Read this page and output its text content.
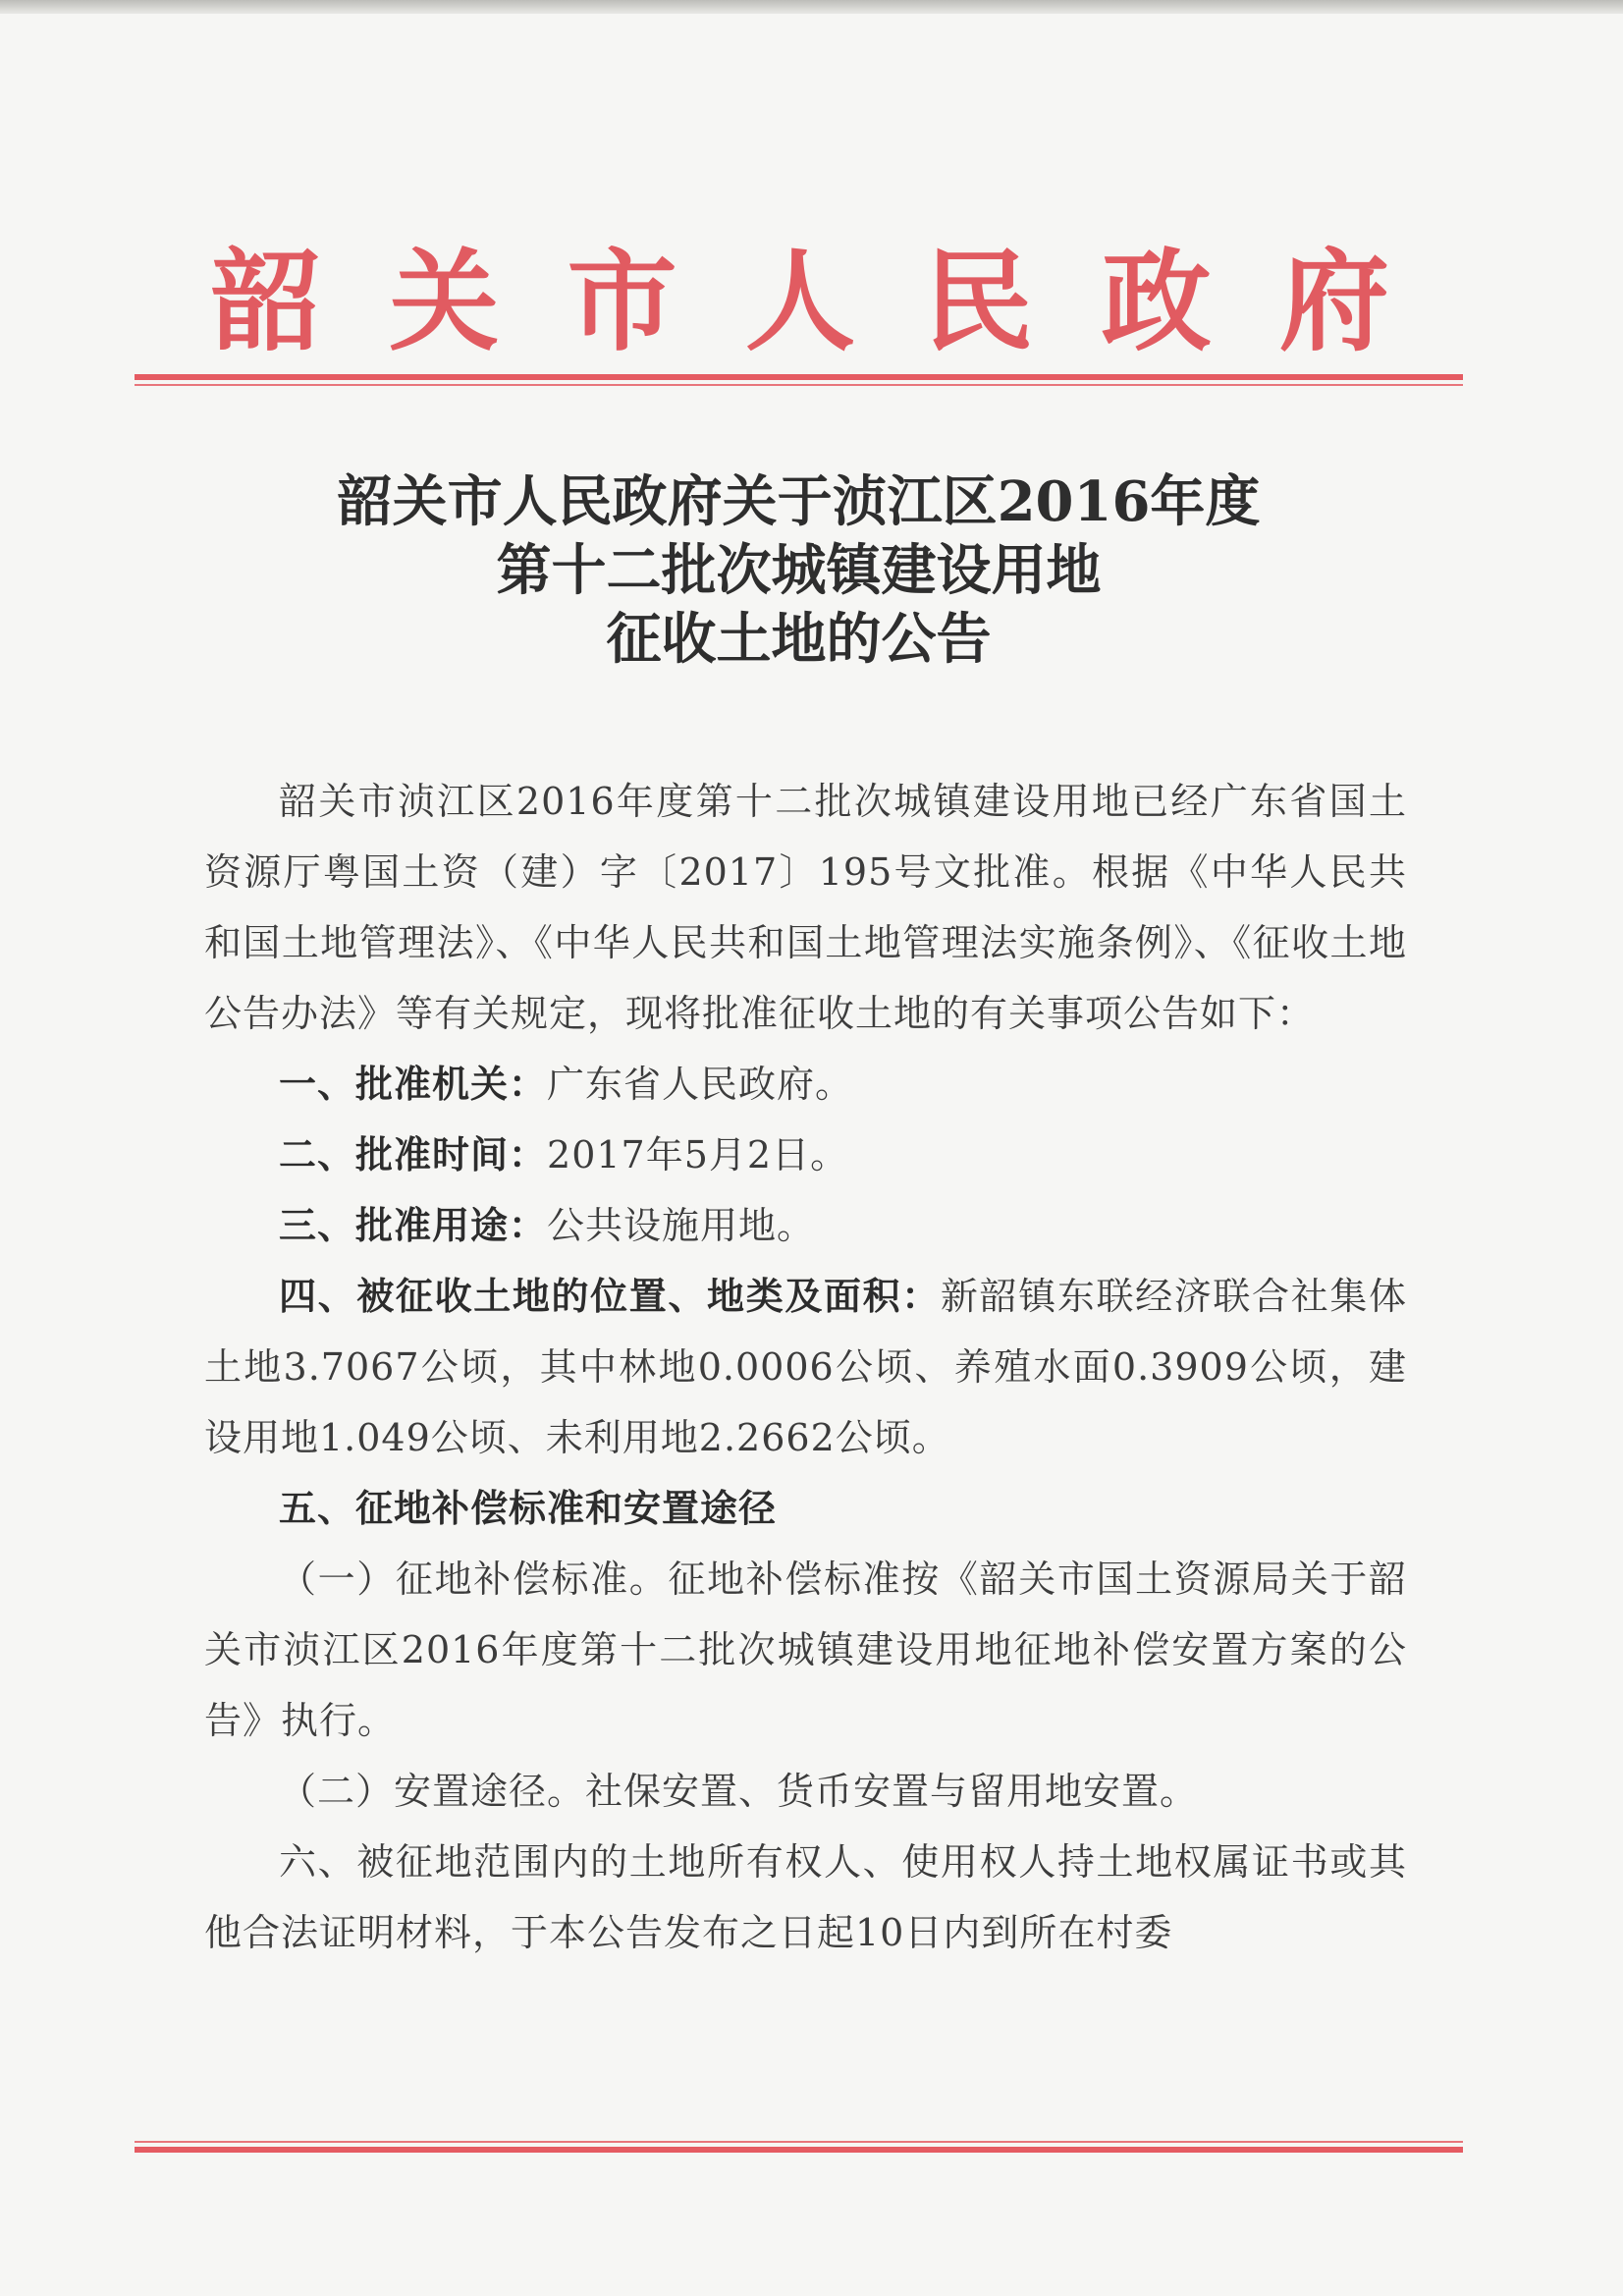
韶 关 市 人 民 政 府
韶关市人民政府关于浈江区2016年度
第十二批次城镇建设用地
征收土地的公告

韶关市浈江区2016年度第十二批次城镇建设用地已经广东省国土资源厅粤国土资（建）字〔2017〕195号文批准。根据《中华人民共和国土地管理法》、《中华人民共和国土地管理法实施条例》、《征收土地公告办法》等有关规定，现将批准征收土地的有关事项公告如下：

一、批准机关：广东省人民政府。

二、批准时间：2017年5月2日。

三、批准用途：公共设施用地。

四、被征收土地的位置、地类及面积：新韶镇东联经济联合社集体土地3.7067公顷，其中林地0.0006公顷、养殖水面0.3909公顷，建设用地1.049公顷、未利用地2.2662公顷。

五、征地补偿标准和安置途径

（一）征地补偿标准。征地补偿标准按《韶关市国土资源局关于韶关市浈江区2016年度第十二批次城镇建设用地征地补偿安置方案的公告》执行。

（二）安置途径。社保安置、货币安置与留用地安置。

六、被征地范围内的土地所有权人、使用权人持土地权属证书或其他合法证明材料，于本公告发布之日起10日内到所在村委
